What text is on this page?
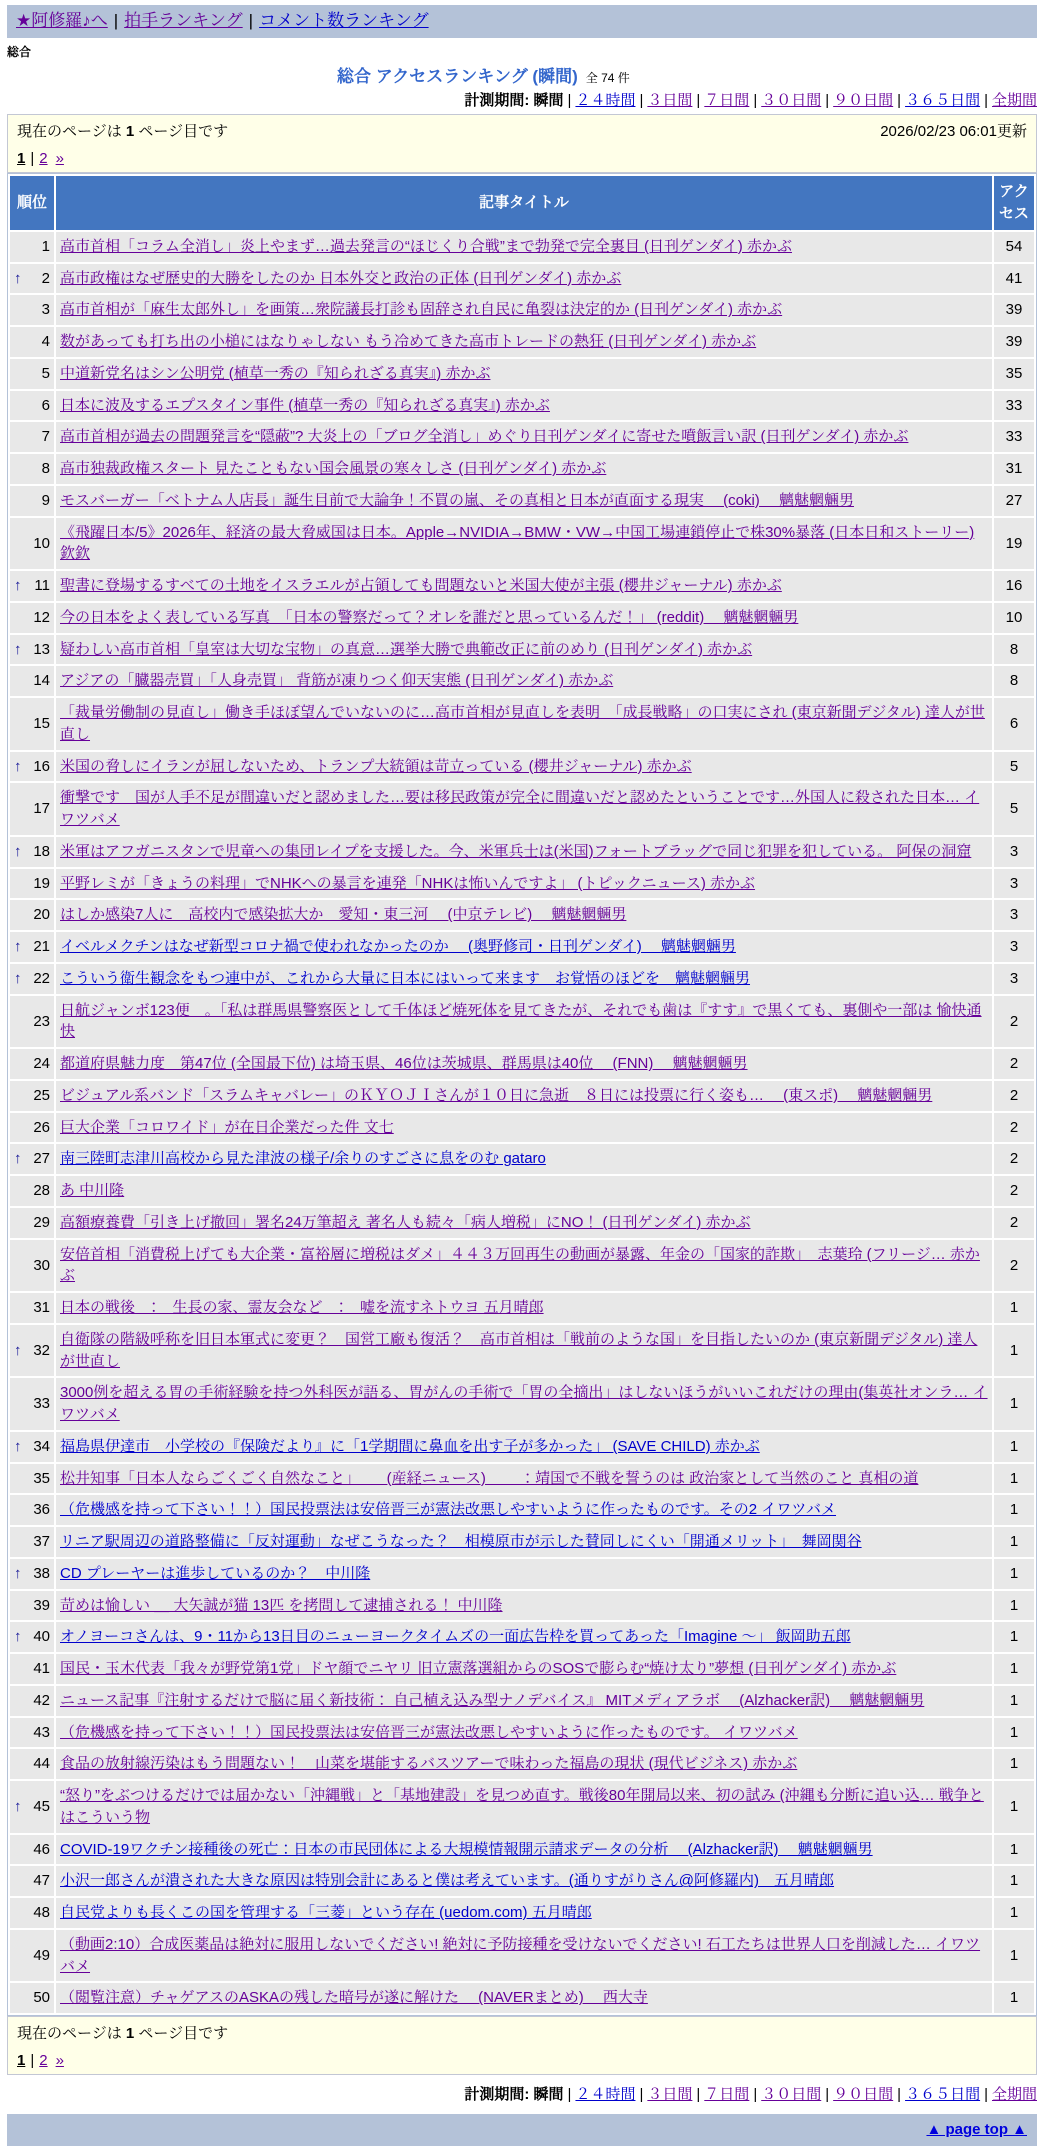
★阿修羅♪へ | 拍手ランキング | コメント数ランキング
総合
総合 アクセスランキング (瞬間) 全 74 件
計測期間: 瞬間 | ２４時間 | ３日間 | ７日間 | ３０日間 | ９０日間 | ３６５日間 | 全期間
現在のページは 1 ページ目です	2026/02/23 06:01更新
1 | 2 »
順位	記事タイトル	アクセス

1	高市首相「コラム全消し」炎上やまず…過去発言の“ほじくり合戦”まで勃発で完全裏目 (日刊ゲンダイ) 赤かぶ	54

↑ 2	高市政権はなぜ歴史的大勝をしたのか 日本外交と政治の正体 (日刊ゲンダイ) 赤かぶ	41

3	高市首相が「麻生太郎外し」を画策…衆院議長打診も固辞され自民に亀裂は決定的か (日刊ゲンダイ) 赤かぶ	39

4	数があっても打ち出の小槌にはなりゃしない もう冷めてきた高市トレードの熱狂 (日刊ゲンダイ) 赤かぶ	39

5	中道新党名はシン公明党 (植草一秀の『知られざる真実』) 赤かぶ	35

6	日本に波及するエプスタイン事件 (植草一秀の『知られざる真実』) 赤かぶ	33

7	高市首相が過去の問題発言を“隠蔽”? 大炎上の「ブログ全消し」めぐり日刊ゲンダイに寄せた噴飯言い訳 (日刊ゲンダイ) 赤かぶ	33

8	高市独裁政権スタート 見たこともない国会風景の寒々しさ (日刊ゲンダイ) 赤かぶ	31

9	モスバーガー「ベトナム人店長」誕生目前で大論争！不買の嵐、その真相と日本が直面する現実　 (coki) 　魑魅魍魎男	27

10	《飛躍日本/5》2026年、経済の最大脅威国は日本。Apple→NVIDIA→BMW・VW→中国工場連鎖停止で株30%暴落 (日本日和ストーリー) 欽欽	19

↑ 11	聖書に登場するすべての土地をイスラエルが占領しても問題ないと米国大使が主張 (櫻井ジャーナル) 赤かぶ	16

12	今の日本をよく表している写真　「日本の警察だって？オレを誰だと思っているんだ！」 (reddit) 　魑魅魍魎男	10

↑ 13	疑わしい高市首相「皇室は大切な宝物」の真意…選挙大勝で典範改正に前のめり (日刊ゲンダイ) 赤かぶ	8

14	アジアの「臓器売買」「人身売買」 背筋が凍りつく仰天実態 (日刊ゲンダイ) 赤かぶ	8

15	「裁量労働制の見直し」働き手ほぼ望んでいないのに…高市首相が見直しを表明　「成長戦略」の口実にされ (東京新聞デジタル) 達人が世直し	6

↑ 16	米国の脅しにイランが屈しないため、トランプ大統領は苛立っている (櫻井ジャーナル) 赤かぶ	5

17	衝撃です　国が人手不足が間違いだと認めました…要は移民政策が完全に間違いだと認めたということです…外国人に殺された日本… イワツバメ	5

↑ 18	米軍はアフガニスタンで児童への集団レイプを支援した。今、米軍兵士は(米国)フォートブラッグで同じ犯罪を犯している。 阿保の洞窟	3

19	平野レミが「きょうの料理」でNHKへの暴言を連発「NHKは怖いんですよ」 (トピックニュース) 赤かぶ	3

20	はしか感染7人に　高校内で感染拡大か　愛知・東三河　 (中京テレビ) 　魑魅魍魎男	3

↑ 21	イベルメクチンはなぜ新型コロナ禍で使われなかったのか　 (奥野修司・日刊ゲンダイ) 　魑魅魍魎男	3

↑ 22	こういう衛生観念をもつ連中が、これから大量に日本にはいって来ます　お覚悟のほどを　魑魅魍魎男	3

23	日航ジャンボ123便　。「私は群馬県警察医として千体ほど焼死体を見てきたが、それでも歯は『すす』で黒くても、裏側や一部は 愉快通快	2

24	都道府県魅力度　第47位 (全国最下位) は埼玉県、46位は茨城県、群馬県は40位　 (FNN) 　魑魅魍魎男	2

25	ビジュアル系バンド「スラムキャバレー」のＫＹＯＪＩさんが１０日に急逝　８日には投票に行く姿も…　 (東スポ) 　魑魅魍魎男	2

26	巨大企業「コロワイド」が在日企業だった件 文七	2

↑ 27	南三陸町志津川高校から見た津波の様子/余りのすごさに息をのむ gataro	2

28	あ 中川隆	2

29	高額療養費「引き上げ撤回」署名24万筆超え 著名人も続々「病人増税」にNO！ (日刊ゲンダイ) 赤かぶ	2

30	安倍首相「消費税上げても大企業・富裕層に増税はダメ」４４３万回再生の動画が暴露、年金の「国家的詐欺」　志葉玲 (フリージ… 赤かぶ	2

31	日本の戦後　：　生長の家、霊友会など　：　嘘を流すネトウヨ 五月晴郎	1

↑ 32	自衛隊の階級呼称を旧日本軍式に変更？　国営工廠も復活？　高市首相は「戦前のような国」を目指したいのか (東京新聞デジタル) 達人が世直し	1

33	3000例を超える胃の手術経験を持つ外科医が語る、胃がんの手術で「胃の全摘出」はしないほうがいいこれだけの理由(集英社オンラ… イワツバメ	1

↑ 34	福島県伊達市　小学校の『保険だより』に「1学期間に鼻血を出す子が多かった」 (SAVE CHILD) 赤かぶ	1

35	松井知事「日本人ならごくごく自然なこと」　　 (産経ニュース) 　　：靖国で不戦を誓うのは 政治家として当然のこと 真相の道	1

36	（危機感を持って下さい！！）国民投票法は安倍晋三が憲法改悪しやすいように作ったものです。その2 イワツバメ	1

37	リニア駅周辺の道路整備に「反対運動」なぜこうなった？　相模原市が示した賛同しにくい「開通メリット」　舞岡関谷	1

↑ 38	CD プレーヤーは進歩しているのか？　中川隆	1

39	苛めは愉しい ＿ 大矢誠が猫 13匹 を拷問して逮捕される！ 中川隆	1

↑ 40	オノヨーコさんは、9・11から13日目のニューヨークタイムズの一面広告枠を買ってあった「Imagine ～」 飯岡助五郎	1

41	国民・玉木代表「我々が野党第1党」ドヤ顔でニヤリ 旧立憲落選組からのSOSで膨らむ“焼け太り”夢想 (日刊ゲンダイ) 赤かぶ	1

42	ニュース記事『注射するだけで脳に届く新技術： 自己植え込み型ナノデバイス』 MITメディアラボ　 (Alzhacker訳) 　魑魅魍魎男	1

43	（危機感を持って下さい！！）国民投票法は安倍晋三が憲法改悪しやすいように作ったものです。 イワツバメ	1

44	食品の放射線汚染はもう問題ない！　山菜を堪能するバスツアーで味わった福島の現状 (現代ビジネス) 赤かぶ	1

↑ 45	“怒り”をぶつけるだけでは届かない「沖縄戦」と「基地建設」を見つめ直す。戦後80年開局以来、初の試み (沖縄も分断に追い込… 戦争とはこういう物	1

46	COVID-19ワクチン接種後の死亡：日本の市民団体による大規模情報開示請求データの分析　 (Alzhacker訳) 　魑魅魍魎男	1

47	小沢一郎さんが潰された大きな原因は特別会計にあると僕は考えています。(通りすがりさん@阿修羅内)　五月晴郎	1

48	自民党よりも長くこの国を管理する「三菱」という存在 (uedom.com) 五月晴郎	1

49	（動画2:10）合成医薬品は絶対に服用しないでください! 絶対に予防接種を受けないでください! 石工たちは世界人口を削減した… イワツバメ	1

50	（閲覧注意）チャゲアスのASKAの残した暗号が遂に解けた　 (NAVERまとめ) 　西大寺	1
現在のページは 1 ページ目です
1 | 2 »
計測期間: 瞬間 | ２４時間 | ３日間 | ７日間 | ３０日間 | ９０日間 | ３６５日間 | 全期間
▲ page top ▲
